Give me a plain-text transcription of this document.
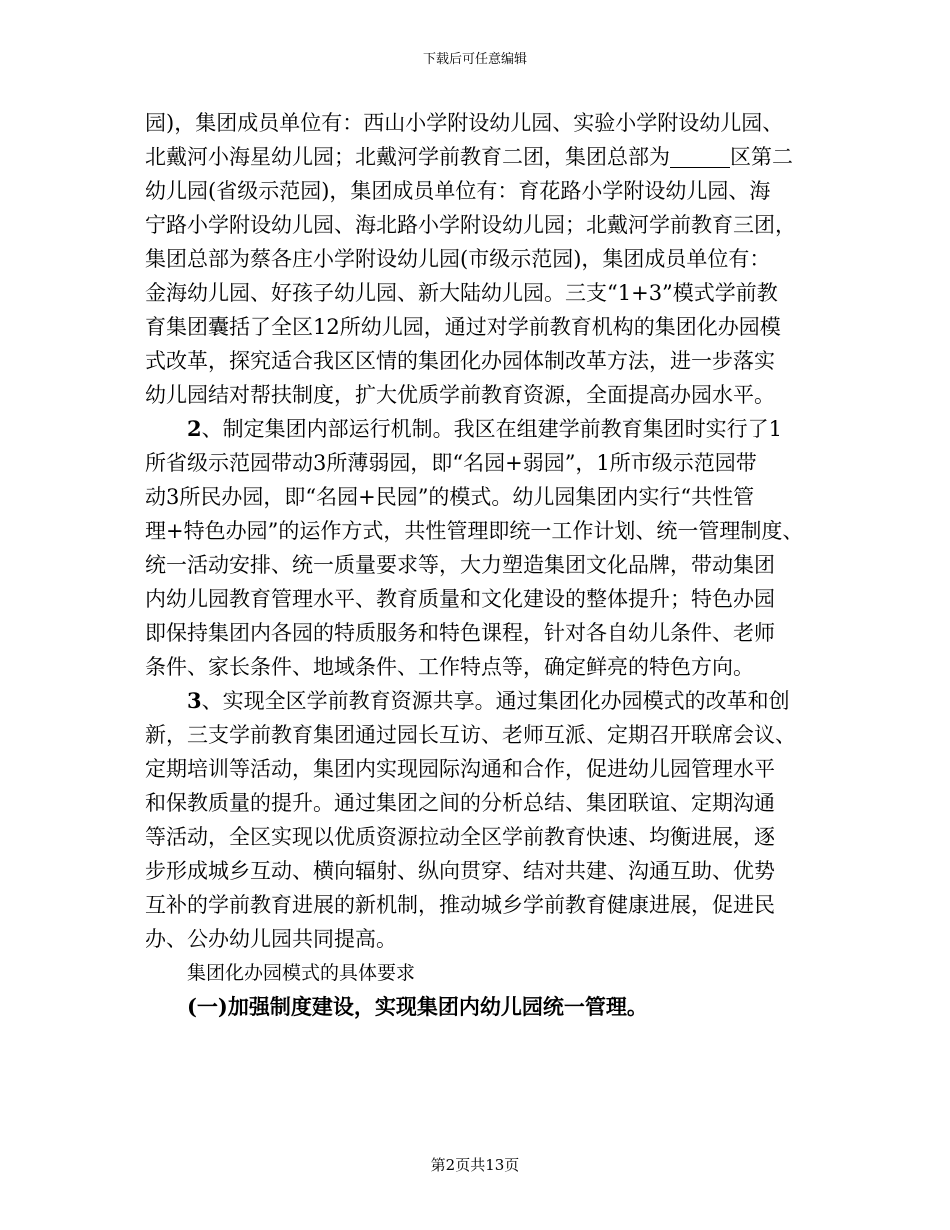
下载后可任意编辑
园)，集团成员单位有：西山小学附设幼儿园、实验小学附设幼儿园、
北戴河小海星幼儿园；北戴河学前教育二团，集团总部为	区第二
幼儿园(省级示范园)，集团成员单位有：育花路小学附设幼儿园、海
宁路小学附设幼儿园、海北路小学附设幼儿园；北戴河学前教育三团，
集团总部为蔡各庄小学附设幼儿园(市级示范园)，集团成员单位有：
金海幼儿园、好孩子幼儿园、新大陆幼儿园。三支“1+3”模式学前教
育集团囊括了全区12所幼儿园，通过对学前教育机构的集团化办园模
式改革，探究适合我区区情的集团化办园体制改革方法，进一步落实
幼儿园结对帮扶制度，扩大优质学前教育资源，全面提高办园水平。
2、制定集团内部运行机制。我区在组建学前教育集团时实行了1
所省级示范园带动3所薄弱园，即“名园+弱园”，1所市级示范园带
动3所民办园，即“名园+民园”的模式。幼儿园集团内实行“共性管
理+特色办园”的运作方式，共性管理即统一工作计划、统一管理制度、
统一活动安排、统一质量要求等，大力塑造集团文化品牌，带动集团
内幼儿园教育管理水平、教育质量和文化建设的整体提升；特色办园
即保持集团内各园的特质服务和特色课程，针对各自幼儿条件、老师
条件、家长条件、地域条件、工作特点等，确定鲜亮的特色方向。
3、实现全区学前教育资源共享。通过集团化办园模式的改革和创
新，三支学前教育集团通过园长互访、老师互派、定期召开联席会议、
定期培训等活动，集团内实现园际沟通和合作，促进幼儿园管理水平
和保教质量的提升。通过集团之间的分析总结、集团联谊、定期沟通
等活动，全区实现以优质资源拉动全区学前教育快速、均衡进展，逐
步形成城乡互动、横向辐射、纵向贯穿、结对共建、沟通互助、优势
互补的学前教育进展的新机制，推动城乡学前教育健康进展，促进民
办、公办幼儿园共同提高。
集团化办园模式的具体要求
(一)加强制度建设，实现集团内幼儿园统一管理。
第2页共13页
